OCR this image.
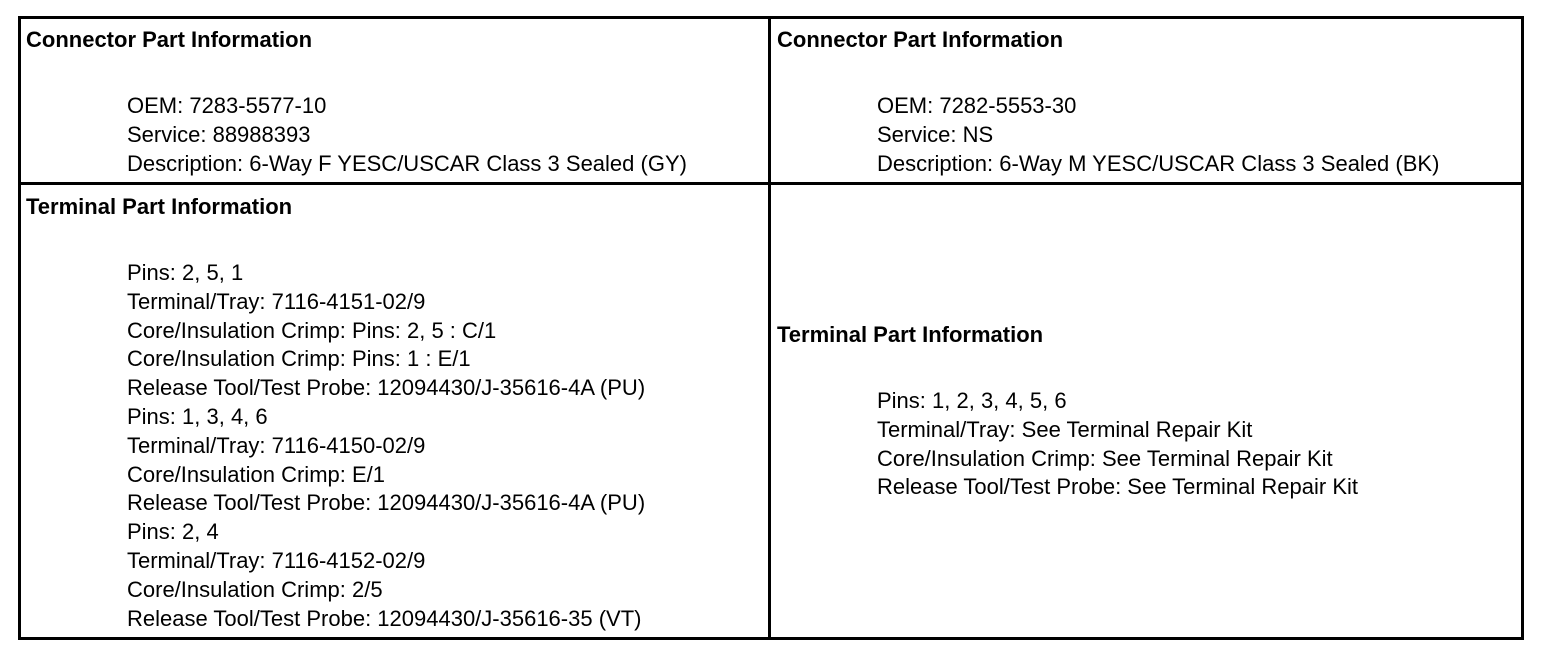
Connector Part Information
OEM: 7283-5577-10
Service: 88988393
Description: 6-Way F YESC/USCAR Class 3 Sealed (GY)
Connector Part Information
OEM: 7282-5553-30
Service: NS
Description: 6-Way M YESC/USCAR Class 3 Sealed (BK)
Terminal Part Information
Pins: 2, 5, 1
Terminal/Tray: 7116-4151-02/9
Core/Insulation Crimp: Pins: 2, 5 : C/1
Core/Insulation Crimp: Pins: 1 : E/1
Release Tool/Test Probe: 12094430/J-35616-4A (PU)
Pins: 1, 3, 4, 6
Terminal/Tray: 7116-4150-02/9
Core/Insulation Crimp: E/1
Release Tool/Test Probe: 12094430/J-35616-4A (PU)
Pins: 2, 4
Terminal/Tray: 7116-4152-02/9
Core/Insulation Crimp: 2/5
Release Tool/Test Probe: 12094430/J-35616-35 (VT)
Terminal Part Information
Pins: 1, 2, 3, 4, 5, 6
Terminal/Tray: See Terminal Repair Kit
Core/Insulation Crimp: See Terminal Repair Kit
Release Tool/Test Probe: See Terminal Repair Kit
